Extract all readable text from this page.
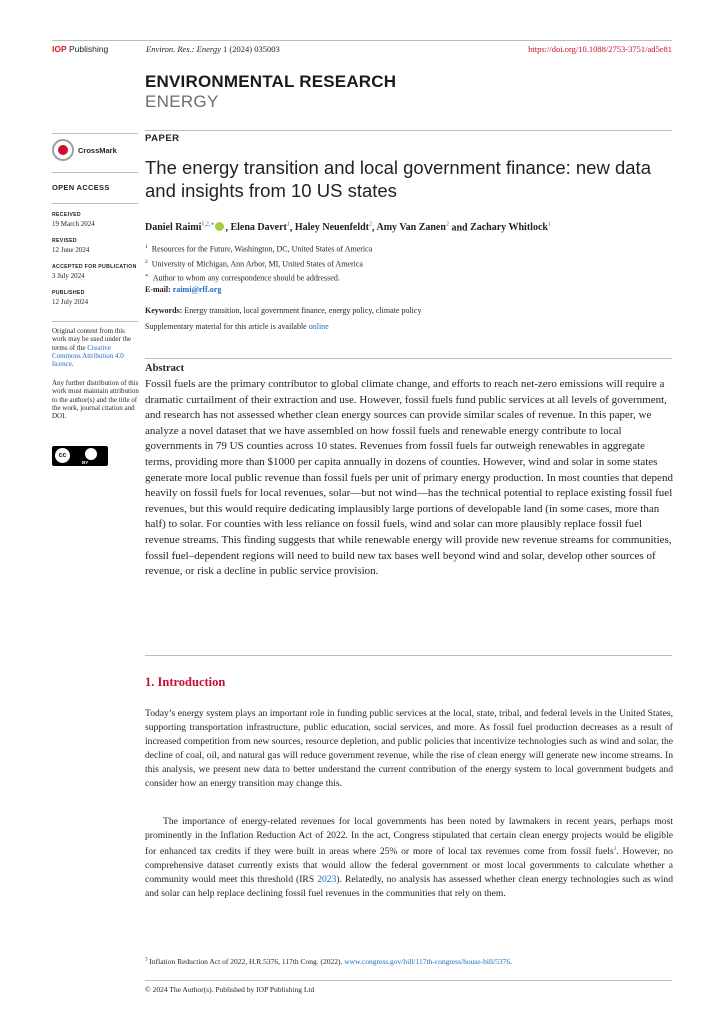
IOP Publishing	Environ. Res.: Energy 1 (2024) 035003	https://doi.org/10.1088/2753-3751/ad5e81
ENVIRONMENTAL RESEARCH
ENERGY
CrossMark
OPEN ACCESS
RECEIVED
19 March 2024
REVISED
12 June 2024
ACCEPTED FOR PUBLICATION
3 July 2024
PUBLISHED
12 July 2024
Original content from this work may be used under the terms of the Creative Commons Attribution 4.0 licence.
Any further distribution of this work must maintain attribution to the author(s) and the title of the work, journal citation and DOI.
cc
BY
PAPER
The energy transition and local government finance: new data and insights from 10 US states
Daniel Raimi$^{1,2,∗}$ , Elena Davert$^1$, Haley Neuenfeldt$^2$, Amy Van Zanen$^2$ and Zachary Whitlock$^1$
$^1$ Resources for the Future, Washington, DC, United States of America
$^2$ University of Michigan, Ann Arbor, MI, United States of America
∗ Author to whom any correspondence should be addressed.
E-mail: raimi@rff.org
Keywords: Energy transition, local government finance, energy policy, climate policy
Supplementary material for this article is available online
Abstract
Fossil fuels are the primary contributor to global climate change, and efforts to reach net-zero emissions will require a dramatic curtailment of their extraction and use. However, fossil fuels fund public services at all levels of government, and research has not assessed whether clean energy sources can provide similar scales of revenue. In this paper, we analyze a novel dataset that we have assembled on how fossil fuels and renewable energy contribute to local governments in 79 US counties across 10 states. Revenues from fossil fuels far outweigh renewables in aggregate terms, providing more than $1000 per capita annually in dozens of counties. However, wind and solar in some states generate more local public revenue than fossil fuels per unit of primary energy production. In most counties that depend heavily on fossil fuels for local revenues, solar—but not wind—has the technical potential to replace existing fossil fuel revenues, but this would require dedicating implausibly large portions of developable land (in some cases, more than half) to solar. For counties with less reliance on fossil fuels, wind and solar can more plausibly replace fossil fuel revenue streams. This finding suggests that while renewable energy will provide new revenue streams for communities, fossil fuel–dependent regions will need to build new tax bases well beyond wind and solar, develop other sources of revenue, or risk a decline in public service provision.
1. Introduction
Today’s energy system plays an important role in funding public services at the local, state, tribal, and federal levels in the United States, supporting transportation infrastructure, public education, social services, and more. As fossil fuel production decreases as a result of increased competition from new sources, resource depletion, and public policies that incentivize technologies such as wind and solar, the decline of coal, oil, and natural gas will reduce government revenue, while the rise of clean energy will generate new income streams. In this analysis, we present new data to better understand the current contribution of the energy system to local government budgets and consider how an energy transition may change this.
The importance of energy-related revenues for local governments has been noted by lawmakers in recent years, perhaps most prominently in the Inflation Reduction Act of 2022. In the act, Congress stipulated that certain clean energy projects would be eligible for enhanced tax credits if they were built in areas where 25% or more of local tax revenues come from fossil fuels$^3$. However, no comprehensive dataset currently exists that would allow the federal government or most local governments to calculate whether a community would meet this threshold (IRS 2023). Relatedly, no analysis has assessed whether clean energy technologies such as wind and solar can help replace declining fossil fuel revenues in the communities that rely on them.
$^3$ Inflation Reduction Act of 2022, H.R.5376, 117th Cong. (2022). www.congress.gov/bill/117th-congress/house-bill/5376.
© 2024 The Author(s). Published by IOP Publishing Ltd
